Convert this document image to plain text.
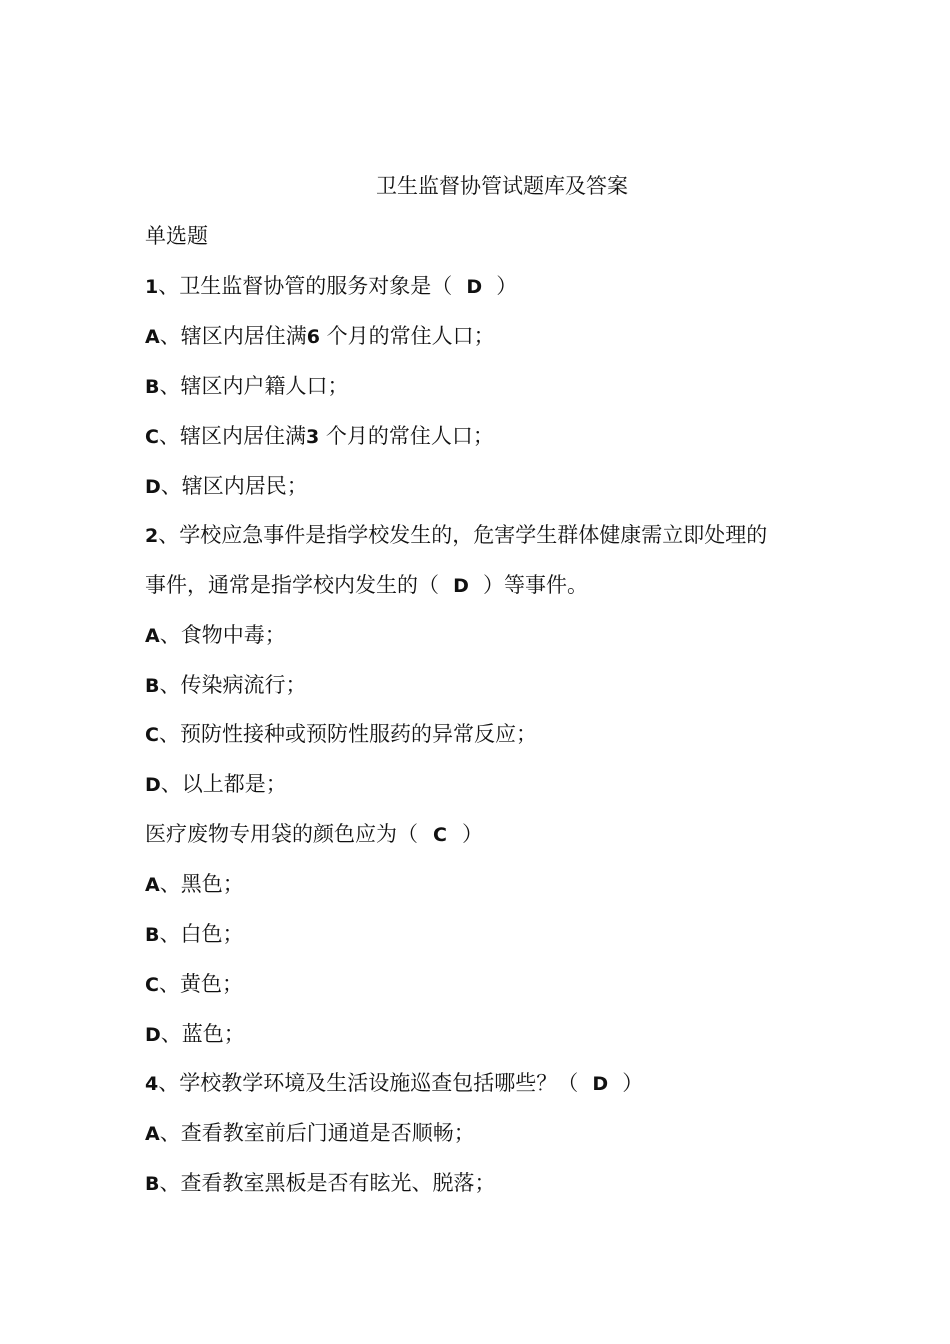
卫生监督协管试题库及答案
单选题
1、卫生监督协管的服务对象是（ D ）
A、辖区内居住满6 个月的常住人口；
B、辖区内户籍人口；
C、辖区内居住满3 个月的常住人口；
D、辖区内居民；
2、学校应急事件是指学校发生的，危害学生群体健康需立即处理的
事件，通常是指学校内发生的（ D ）等事件。
A、食物中毒；
B、传染病流行；
C、预防性接种或预防性服药的异常反应；
D、以上都是；
医疗废物专用袋的颜色应为（ C ）
A、黑色；
B、白色；
C、黄色；
D、蓝色；
4、学校教学环境及生活设施巡查包括哪些？（ D ）
A、查看教室前后门通道是否顺畅；
B、查看教室黑板是否有眩光、脱落；
